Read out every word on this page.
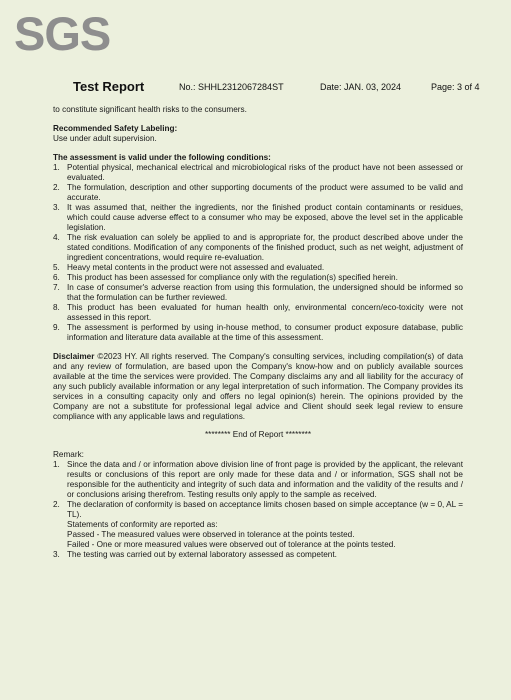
SGS
Test Report	No.: SHHL2312067284ST	Date: JAN. 03, 2024	Page: 3 of 4

to constitute significant health risks to the consumers.

Recommended Safety Labeling:

Use under adult supervision.

The assessment is valid under the following conditions:

1. Potential physical, mechanical electrical and microbiological risks of the product have not been assessed or evaluated.
2. The formulation, description and other supporting documents of the product were assumed to be valid and accurate.
3. It was assumed that, neither the ingredients, nor the finished product contain contaminants or residues, which could cause adverse effect to a consumer who may be exposed, above the level set in the applicable legislation.
4. The risk evaluation can solely be applied to and is appropriate for, the product described above under the stated conditions. Modification of any components of the finished product, such as net weight, adjustment of ingredient concentrations, would require re-evaluation.
5. Heavy metal contents in the product were not assessed and evaluated.
6. This product has been assessed for compliance only with the regulation(s) specified herein.
7. In case of consumer's adverse reaction from using this formulation, the undersigned should be informed so that the formulation can be further reviewed.
8. This product has been evaluated for human health only, environmental concern/eco-toxicity were not assessed in this report.
9. The assessment is performed by using in-house method, to consumer product exposure database, public information and literature data available at the time of this assessment.

Disclaimer ©2023 HY. All rights reserved. The Company's consulting services, including compilation(s) of data and any review of formulation, are based upon the Company's know-how and on publicly available sources available at the time the services were provided. The Company disclaims any and all liability for the accuracy of any such publicly available information or any legal interpretation of such information. The Company provides its services in a consulting capacity only and offers no legal opinion(s) herein. The opinions provided by the Company are not a substitute for professional legal advice and Client should seek legal review to ensure compliance with any applicable laws and regulations.

******** End of Report ********

Remark:

1. Since the data and / or information above division line of front page is provided by the applicant, the relevant results or conclusions of this report are only made for these data and / or information, SGS shall not be responsible for the authenticity and integrity of such data and information and the validity of the results and / or conclusions arising therefrom. Testing results only apply to the sample as received.
2. The declaration of conformity is based on acceptance limits chosen based on simple acceptance (w = 0, AL = TL).
Statements of conformity are reported as:
Passed - The measured values were observed in tolerance at the points tested.
Failed - One or more measured values were observed out of tolerance at the points tested.
3. The testing was carried out by external laboratory assessed as competent.
